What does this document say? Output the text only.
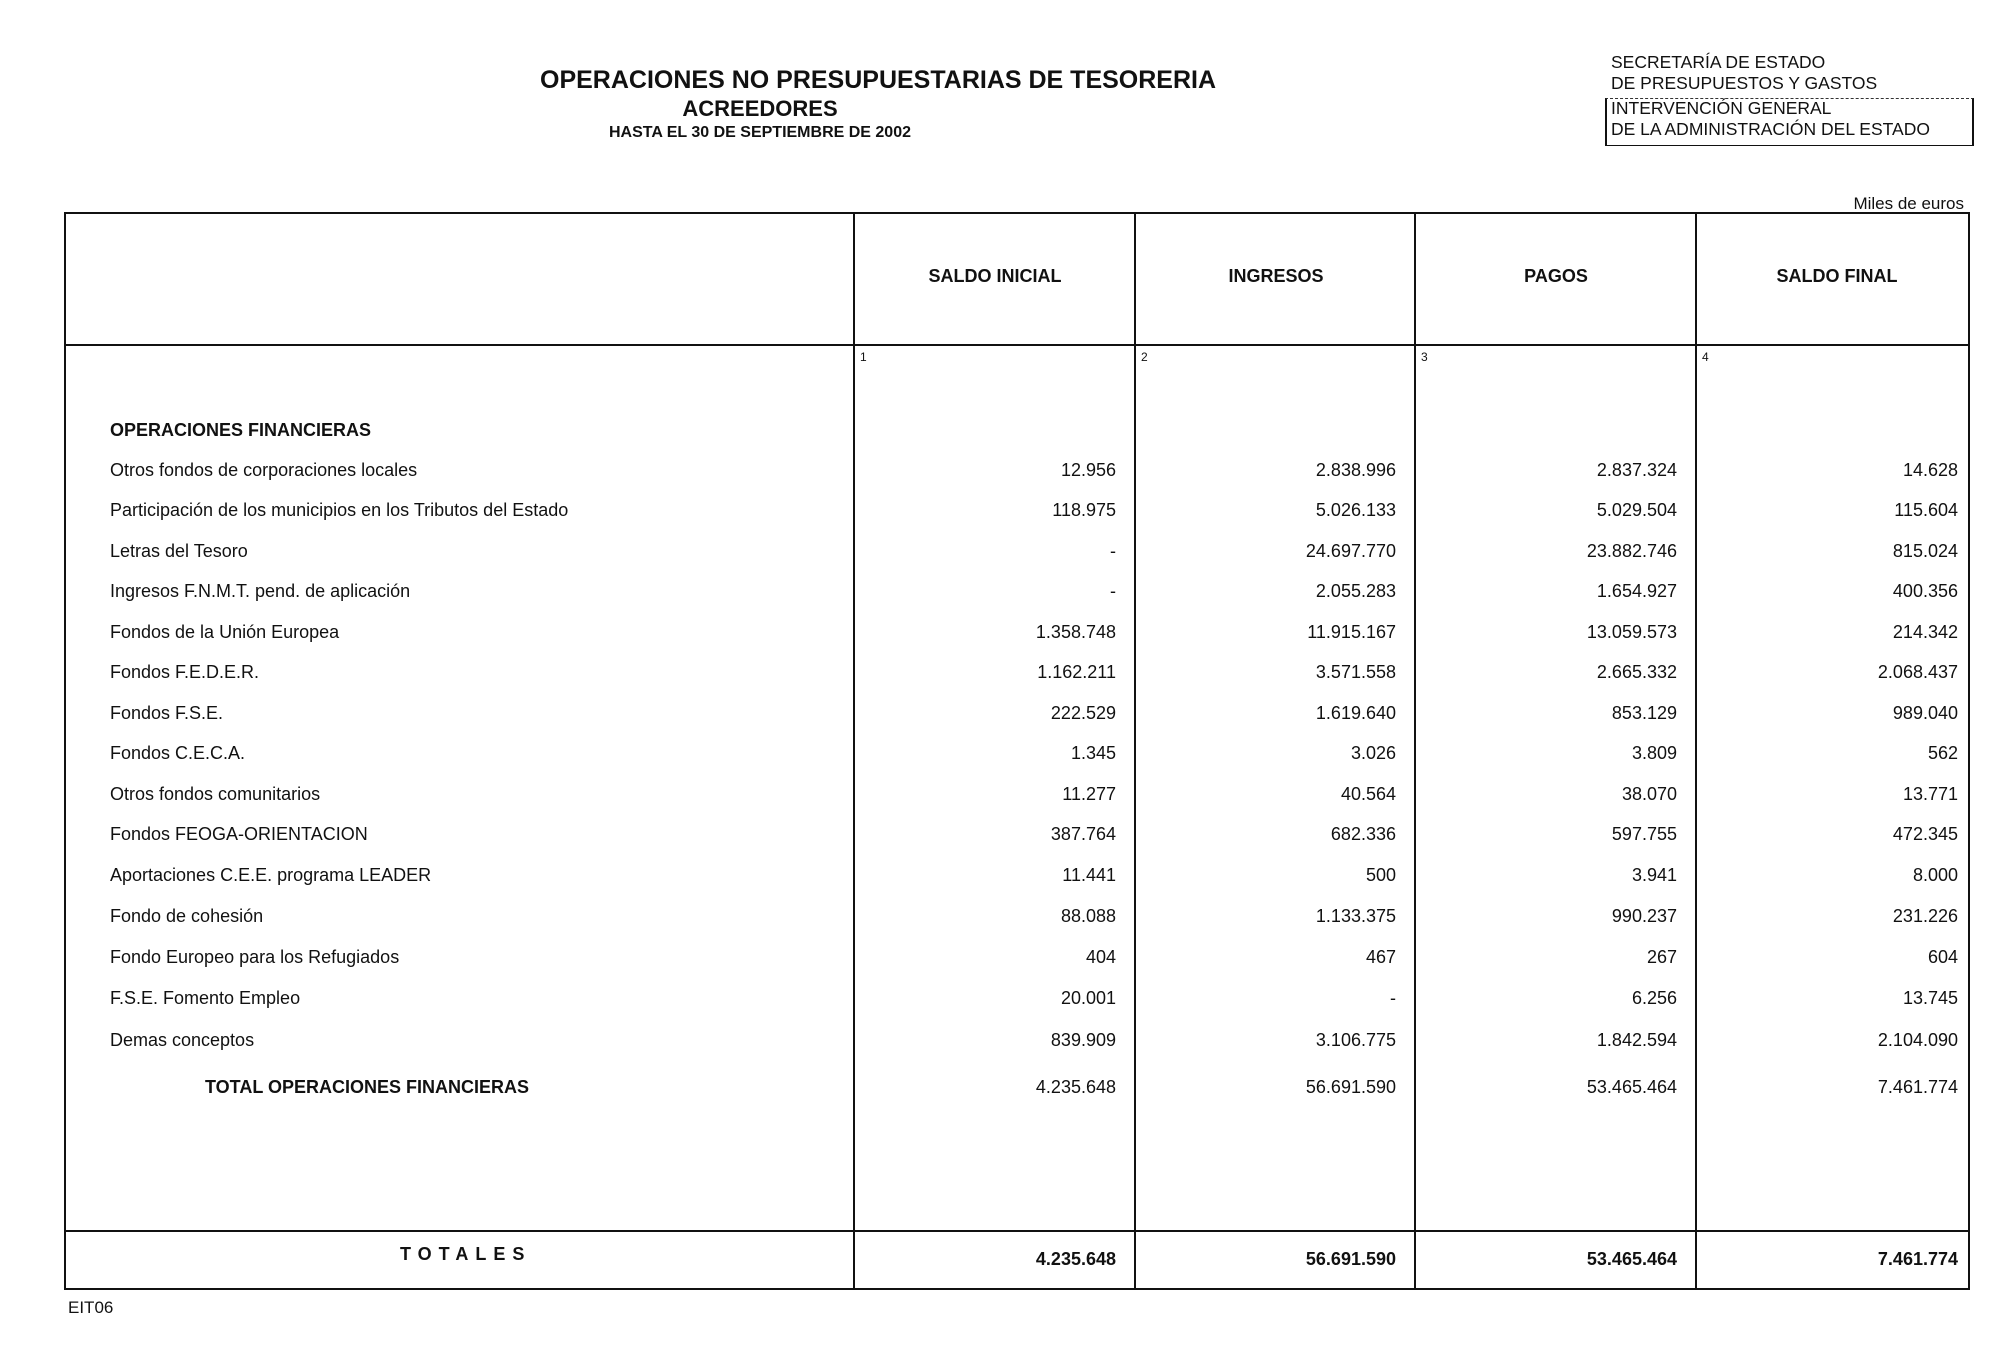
OPERACIONES NO PRESUPUESTARIAS DE TESORERIA
ACREEDORES
HASTA EL 30 DE SEPTIEMBRE DE 2002
SECRETARÍA DE ESTADO
DE PRESUPUESTOS Y GASTOS
INTERVENCIÓN GENERAL
DE LA ADMINISTRACIÓN DEL ESTADO
Miles de euros
SALDO INICIAL	INGRESOS	PAGOS	SALDO FINAL
1	2	3	4
OPERACIONES FINANCIERAS
Otros fondos de corporaciones locales	12.956	2.838.996	2.837.324	14.628
Participación de los municipios en los Tributos del Estado	118.975	5.026.133	5.029.504	115.604
Letras del Tesoro	-	24.697.770	23.882.746	815.024
Ingresos F.N.M.T. pend. de aplicación	-	2.055.283	1.654.927	400.356
Fondos de la Unión Europea	1.358.748	11.915.167	13.059.573	214.342
Fondos F.E.D.E.R.	1.162.211	3.571.558	2.665.332	2.068.437
Fondos F.S.E.	222.529	1.619.640	853.129	989.040
Fondos C.E.C.A.	1.345	3.026	3.809	562
Otros fondos comunitarios	11.277	40.564	38.070	13.771
Fondos FEOGA-ORIENTACION	387.764	682.336	597.755	472.345
Aportaciones C.E.E. programa LEADER	11.441	500	3.941	8.000
Fondo de cohesión	88.088	1.133.375	990.237	231.226
Fondo Europeo para los Refugiados	404	467	267	604
F.S.E. Fomento Empleo	20.001	-	6.256	13.745
Demas conceptos	839.909	3.106.775	1.842.594	2.104.090
TOTAL OPERACIONES FINANCIERAS	4.235.648	56.691.590	53.465.464	7.461.774
TOTALES	4.235.648	56.691.590	53.465.464	7.461.774
EIT06
